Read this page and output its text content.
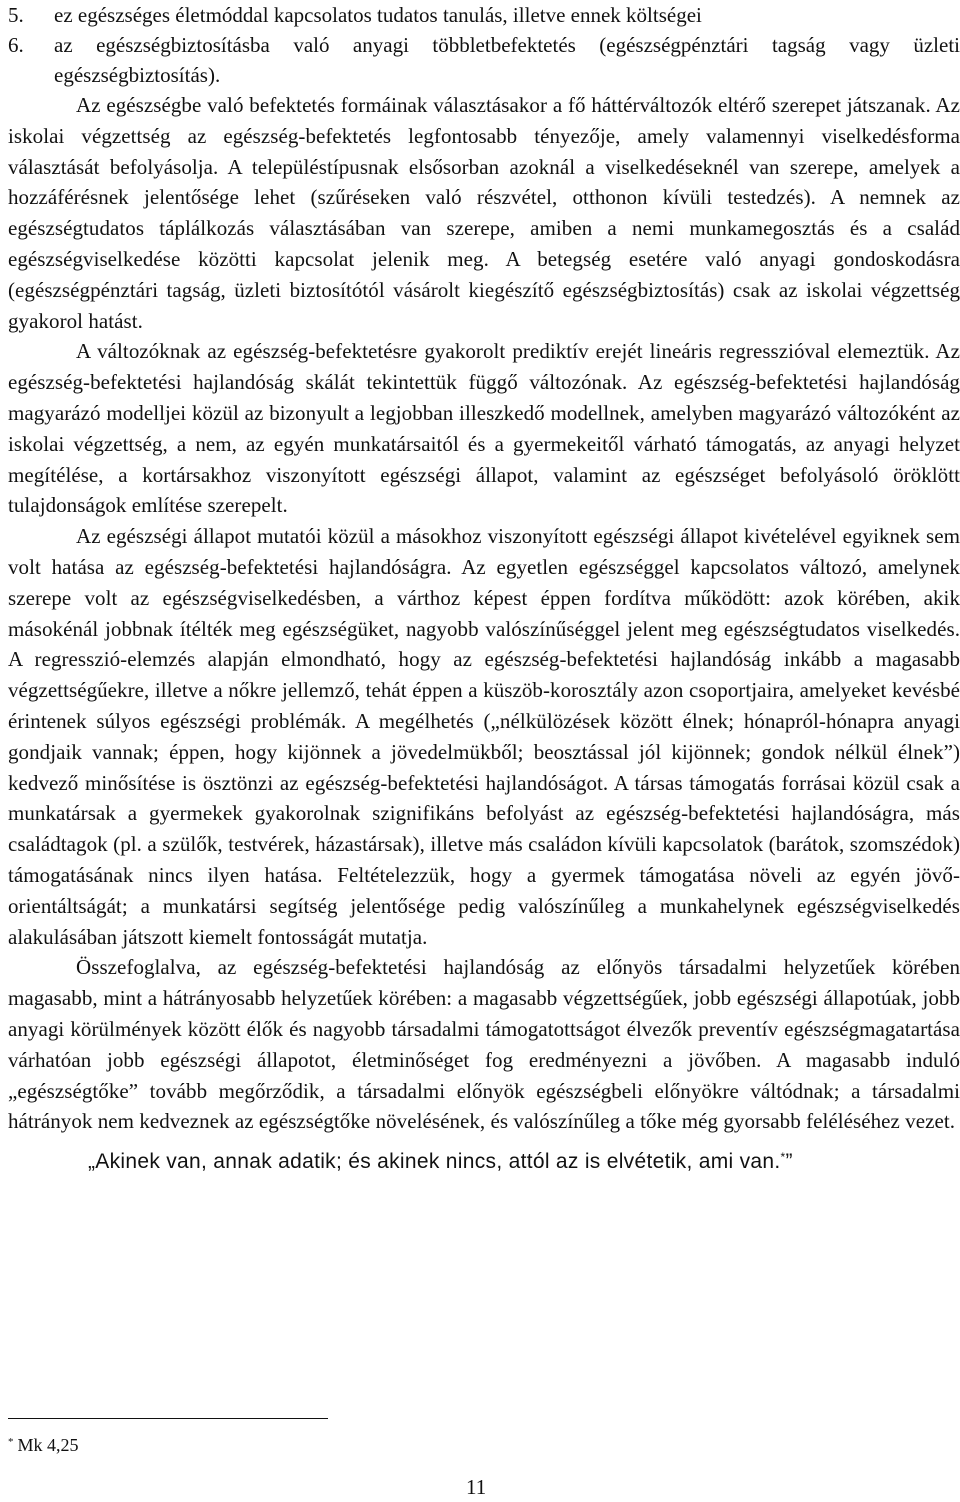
5.	ez egészséges életmóddal kapcsolatos tudatos tanulás, illetve ennek költségei
6.	az egészségbiztosításba való anyagi többletbefektetés (egészségpénztári tagság vagy üzleti egészségbiztosítás).

Az egészségbe való befektetés formáinak választásakor a fő háttérváltozók eltérő szerepet játszanak. Az iskolai végzettség az egészség-befektetés legfontosabb tényezője, amely valamennyi viselkedésforma választását befolyásolja. A településtípusnak elsősorban azoknál a viselkedéseknél van szerepe, amelyek a hozzáférésnek jelentősége lehet (szűréseken való részvétel, otthonon kívüli testedzés). A nemnek az egészségtudatos táplálkozás választásában van szerepe, amiben a nemi munkamegosztás és a család egészségviselkedése közötti kapcsolat jelenik meg. A betegség esetére való anyagi gondoskodásra (egészségpénztári tagság, üzleti biztosítótól vásárolt kiegészítő egészségbiztosítás) csak az iskolai végzettség gyakorol hatást.

A változóknak az egészség-befektetésre gyakorolt prediktív erejét lineáris regresszióval elemeztük. Az egészség-befektetési hajlandóság skálát tekintettük függő változónak. Az egészség-befektetési hajlandóság magyarázó modelljei közül az bizonyult a legjobban illeszkedő modellnek, amelyben magyarázó változóként az iskolai végzettség, a nem, az egyén munkatársaitól és a gyermekeitől várható támogatás, az anyagi helyzet megítélése, a kortársakhoz viszonyított egészségi állapot, valamint az egészséget befolyásoló öröklött tulajdonságok említése szerepelt.

Az egészségi állapot mutatói közül a másokhoz viszonyított egészségi állapot kivételével egyiknek sem volt hatása az egészség-befektetési hajlandóságra. Az egyetlen egészséggel kapcsolatos változó, amelynek szerepe volt az egészségviselkedésben, a várthoz képest éppen fordítva működött: azok körében, akik másokénál jobbnak ítélték meg egészségüket, nagyobb valószínűséggel jelent meg egészségtudatos viselkedés. A regresszió-elemzés alapján elmondható, hogy az egészség-befektetési hajlandóság inkább a magasabb végzettségűekre, illetve a nőkre jellemző, tehát éppen a küszöb-korosztály azon csoportjaira, amelyeket kevésbé érintenek súlyos egészségi problémák. A megélhetés („nélkülözések között élnek; hónapról-hónapra anyagi gondjaik vannak; éppen, hogy kijönnek a jövedelmükből; beosztással jól kijönnek; gondok nélkül élnek”) kedvező minősítése is ösztönzi az egészség-befektetési hajlandóságot. A társas támogatás forrásai közül csak a munkatársak a gyermekek gyakorolnak szignifikáns befolyást az egészség-befektetési hajlandóságra, más családtagok (pl. a szülők, testvérek, házastársak), illetve más családon kívüli kapcsolatok (barátok, szomszédok) támogatásának nincs ilyen hatása. Feltételezzük, hogy a gyermek támogatása növeli az egyén jövő-orientáltságát; a munkatársi segítség jelentősége pedig valószínűleg a munkahelynek egészségviselkedés alakulásában játszott kiemelt fontosságát mutatja.

Összefoglalva, az egészség-befektetési hajlandóság az előnyös társadalmi helyzetűek körében magasabb, mint a hátrányosabb helyzetűek körében: a magasabb végzettségűek, jobb egészségi állapotúak, jobb anyagi körülmények között élők és nagyobb társadalmi támogatottságot élvezők preventív egészségmagatartása várhatóan jobb egészségi állapotot, életminőséget fog eredményezni a jövőben. A magasabb induló „egészségtőke” tovább megőrződik, a társadalmi előnyök egészségbeli előnyökre váltódnak; a társadalmi hátrányok nem kedveznek az egészségtőke növelésének, és valószínűleg a tőke még gyorsabb feléléséhez vezet.

„Akinek van, annak adatik; és akinek nincs, attól az is elvétetik, ami van.*”

* Mk 4,25
11
